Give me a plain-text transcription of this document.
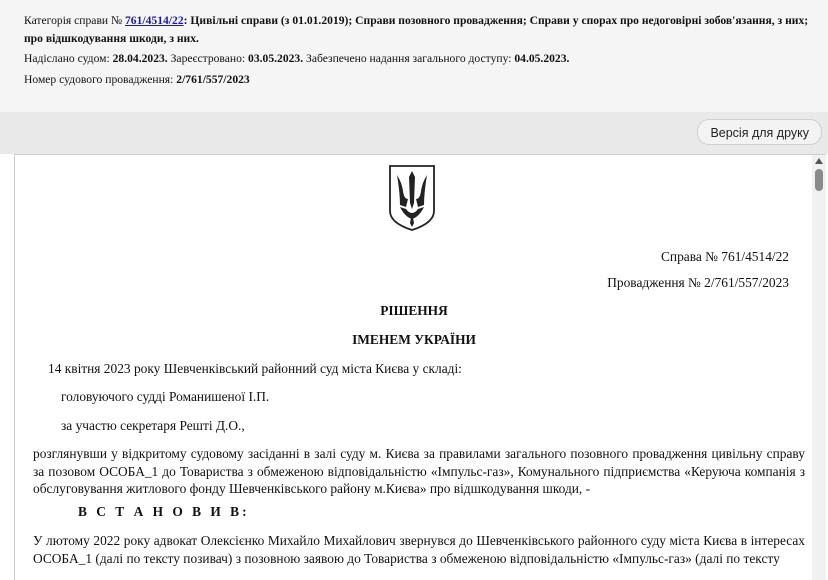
Категорія справи № 761/4514/22: Цивільні справи (з 01.01.2019); Справи позовного провадження; Справи у спорах про недоговірні зобов'язання, з них; про відшкодування шкоди, з них.
Надіслано судом: 28.04.2023. Зареєстровано: 03.05.2023. Забезпечено надання загального доступу: 04.05.2023.
Номер судового провадження: 2/761/557/2023
Версія для друку
Справа № 761/4514/22
Провадження № 2/761/557/2023
РІШЕННЯ
ІМЕНЕМ УКРАЇНИ
14 квітня 2023 року Шевченківський районний суд міста Києва у складі:
головуючого судді Романишеної І.П.
за участю секретаря Рештi Д.О.,
розглянувши у відкритому судовому засіданні в залі суду м. Києва за правилами загального позовного провадження цивільну справу за позовом ОСОБА_1 до Товариства з обмеженою відповідальністю «Імпульс-газ», Комунального підприємства «Керуюча компанія з обслуговування житлового фонду Шевченківського району м.Києва» про відшкодування шкоди, -
В С Т А Н О В И В:
У лютому 2022 року адвокат Олексієнко Михайло Михайлович звернувся до Шевченківського районного суду міста Києва в інтересах ОСОБА_1 (далі по тексту позивач) з позовною заявою до Товариства з обмеженою відповідальністю «Імпульс-газ» (далі по тексту
